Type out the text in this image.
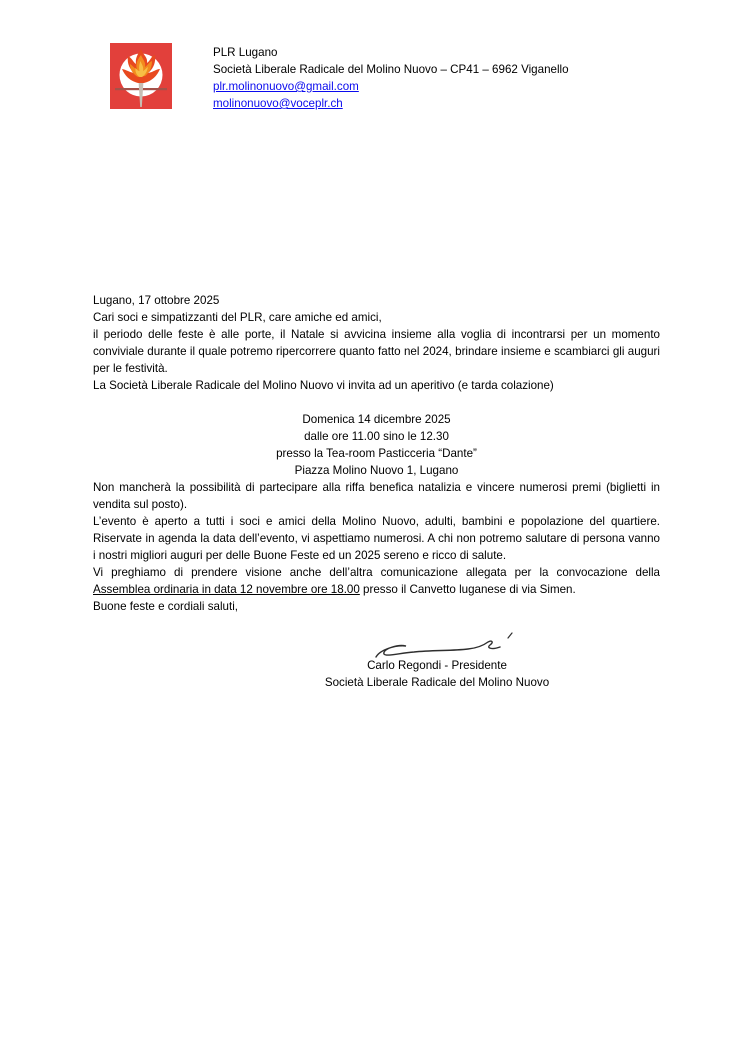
PLR Lugano

Società Liberale Radicale del Molino Nuovo – CP41 – 6962 Viganello

plr.molinonuovo@gmail.com

molinonuovo@voceplr.ch

Lugano, 17 ottobre 2025

Cari soci e simpatizzanti del PLR, care amiche ed amici,

il periodo delle feste è alle porte, il Natale si avvicina insieme alla voglia di incontrarsi per un momento conviviale durante il quale potremo ripercorrere quanto fatto nel 2024, brindare insieme e scambiarci gli auguri per le festività.

La Società Liberale Radicale del Molino Nuovo vi invita ad un aperitivo (e tarda colazione)

Domenica 14 dicembre 2025

dalle ore 11.00 sino le 12.30

presso la Tea-room Pasticceria “Dante”

Piazza Molino Nuovo 1, Lugano

Non mancherà la possibilità di partecipare alla riffa benefica natalizia e vincere numerosi premi (biglietti in vendita sul posto).

L’evento è aperto a tutti i soci e amici della Molino Nuovo, adulti, bambini e popolazione del quartiere. Riservate in agenda la data dell’evento, vi aspettiamo numerosi. A chi non potremo salutare di persona vanno i nostri migliori auguri per delle Buone Feste ed un 2025 sereno e ricco di salute.

Vi preghiamo di prendere visione anche dell’altra comunicazione allegata per la convocazione della Assemblea ordinaria in data 12 novembre ore 18.00 presso il Canvetto luganese di via Simen.

Buone feste e cordiali saluti,

Carlo Regondi - Presidente

Società Liberale Radicale del Molino Nuovo
